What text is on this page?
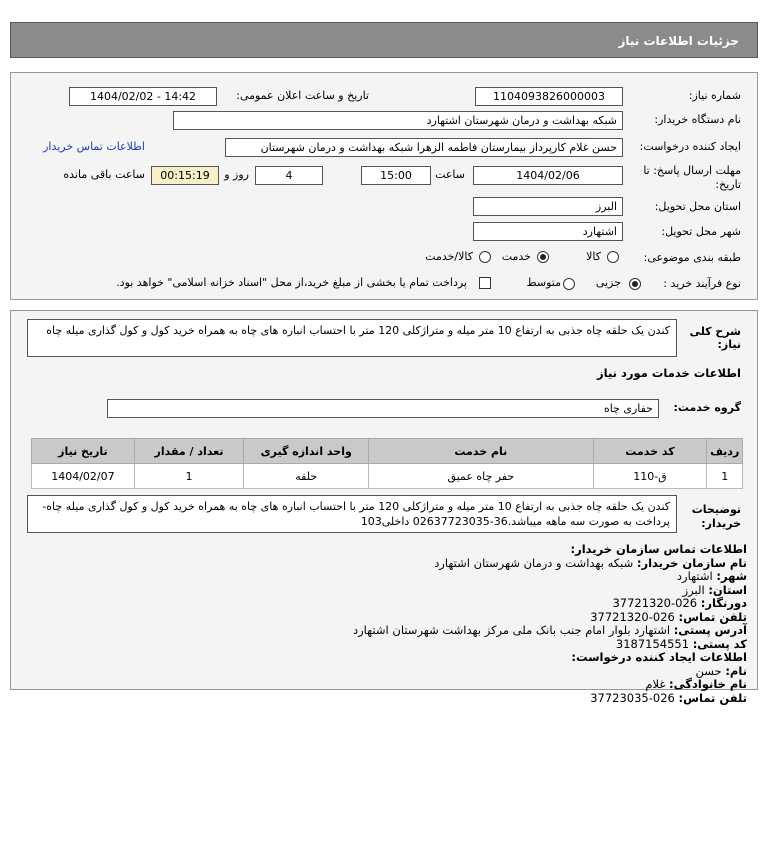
جزئیات اطلاعات نیاز
شماره نیاز:
1104093826000003
تاریخ و ساعت اعلان عمومی:
1404/02/02 - 14:42
نام دستگاه خریدار:
شبکه بهداشت و درمان شهرستان اشتهارد
ایجاد کننده درخواست:
حسن غلام کارپرداز بیمارستان فاطمه الزهرا شبکه بهداشت و درمان شهرستان
اطلاعات تماس خریدار
مهلت ارسال پاسخ: تا
تاریخ:
1404/02/06
ساعت
15:00
4
روز و
00:15:19
ساعت باقی مانده
استان محل تحویل:
البرز
شهر محل تحویل:
اشتهارد
طبقه بندی موضوعی:
کالا
خدمت
کالا/خدمت
نوع فرآیند خرید :
جزیی
متوسط
پرداخت تمام یا بخشی از مبلغ خرید،از محل "اسناد خزانه اسلامی" خواهد بود.
شرح کلی نیاز:
کندن یک حلقه چاه جذبی به ارتفاع 10 متر میله و متراژکلی 120 متر با احتساب انباره های چاه به همراه خرید کول و کول گذاری میله چاه
اطلاعات خدمات مورد نیاز
گروه خدمت:
حفاری چاه
ردیف	کد خدمت	نام خدمت	واحد اندازه گیری	تعداد / مقدار	تاریخ نیاز
1	ق-110	حفر چاه عمیق	حلقه	1	1404/02/07
توضیحات خریدار:
کندن یک حلقه چاه جذبی به ارتفاع 10 متر میله و متراژکلی 120 متر با احتساب انباره های چاه به همراه خرید کول و کول گذاری میله چاه- پرداخت به صورت سه ماهه میباشد.36-02637723035 داخلی103
اطلاعات تماس سازمان خریدار:
نام سازمان خریدار: شبکه بهداشت و درمان شهرستان اشتهارد
شهر: اشتهارد
استان: البرز
دورنگار: 026-37721320
تلفن تماس: 026-37721320
آدرس پستی: اشتهارد بلوار امام جنب بانک ملی مرکز بهداشت شهرستان اشتهارد
کد پستی: 3187154551
اطلاعات ایجاد کننده درخواست:
نام: حسن
نام خانوادگی: غلام
تلفن تماس: 026-37723035
